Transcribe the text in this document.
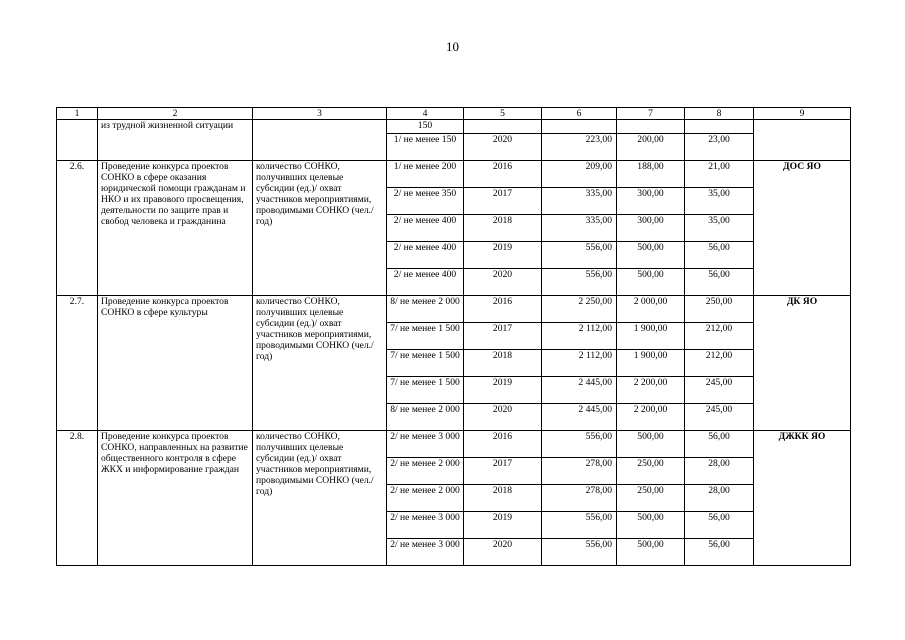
10
1	2	3	4	5	6	7	8	9
	из трудной жизненной ситуации		150					
			1/ не менее 150	2020	223,00	200,00	23,00	
2.6.	Проведение конкурса проектов СОНКО в сфере оказания юридической помощи гражданам и НКО и их правового просвещения, деятельности по защите прав и свобод человека и гражданина	количество СОНКО, получивших целевые субсидии (ед.)/ охват участников мероприятиями, проводимыми СОНКО (чел./ год)	1/ не менее 200	2016	209,00	188,00	21,00	ДОС ЯО
			2/ не менее 350	2017	335,00	300,00	35,00	
			2/ не менее 400	2018	335,00	300,00	35,00	
			2/ не менее 400	2019	556,00	500,00	56,00	
			2/ не менее 400	2020	556,00	500,00	56,00	
2.7.	Проведение конкурса проектов СОНКО в сфере культуры	количество СОНКО, получивших целевые субсидии (ед.)/ охват участников мероприятиями, проводимыми СОНКО (чел./ год)	8/ не менее 2 000	2016	2 250,00	2 000,00	250,00	ДК ЯО
			7/ не менее 1 500	2017	2 112,00	1 900,00	212,00	
			7/ не менее 1 500	2018	2 112,00	1 900,00	212,00	
			7/ не менее 1 500	2019	2 445,00	2 200,00	245,00	
			8/ не менее 2 000	2020	2 445,00	2 200,00	245,00	
2.8.	Проведение конкурса проектов СОНКО, направленных на развитие общественного контроля в сфере ЖКХ и информирование граждан	количество СОНКО, получивших целевые субсидии (ед.)/ охват участников мероприятиями, проводимыми СОНКО (чел./ год)	2/ не менее 3 000	2016	556,00	500,00	56,00	ДЖКК ЯО
			2/ не менее 2 000	2017	278,00	250,00	28,00	
			2/ не менее 2 000	2018	278,00	250,00	28,00	
			2/ не менее 3 000	2019	556,00	500,00	56,00	
			2/ не менее 3 000	2020	556,00	500,00	56,00	
